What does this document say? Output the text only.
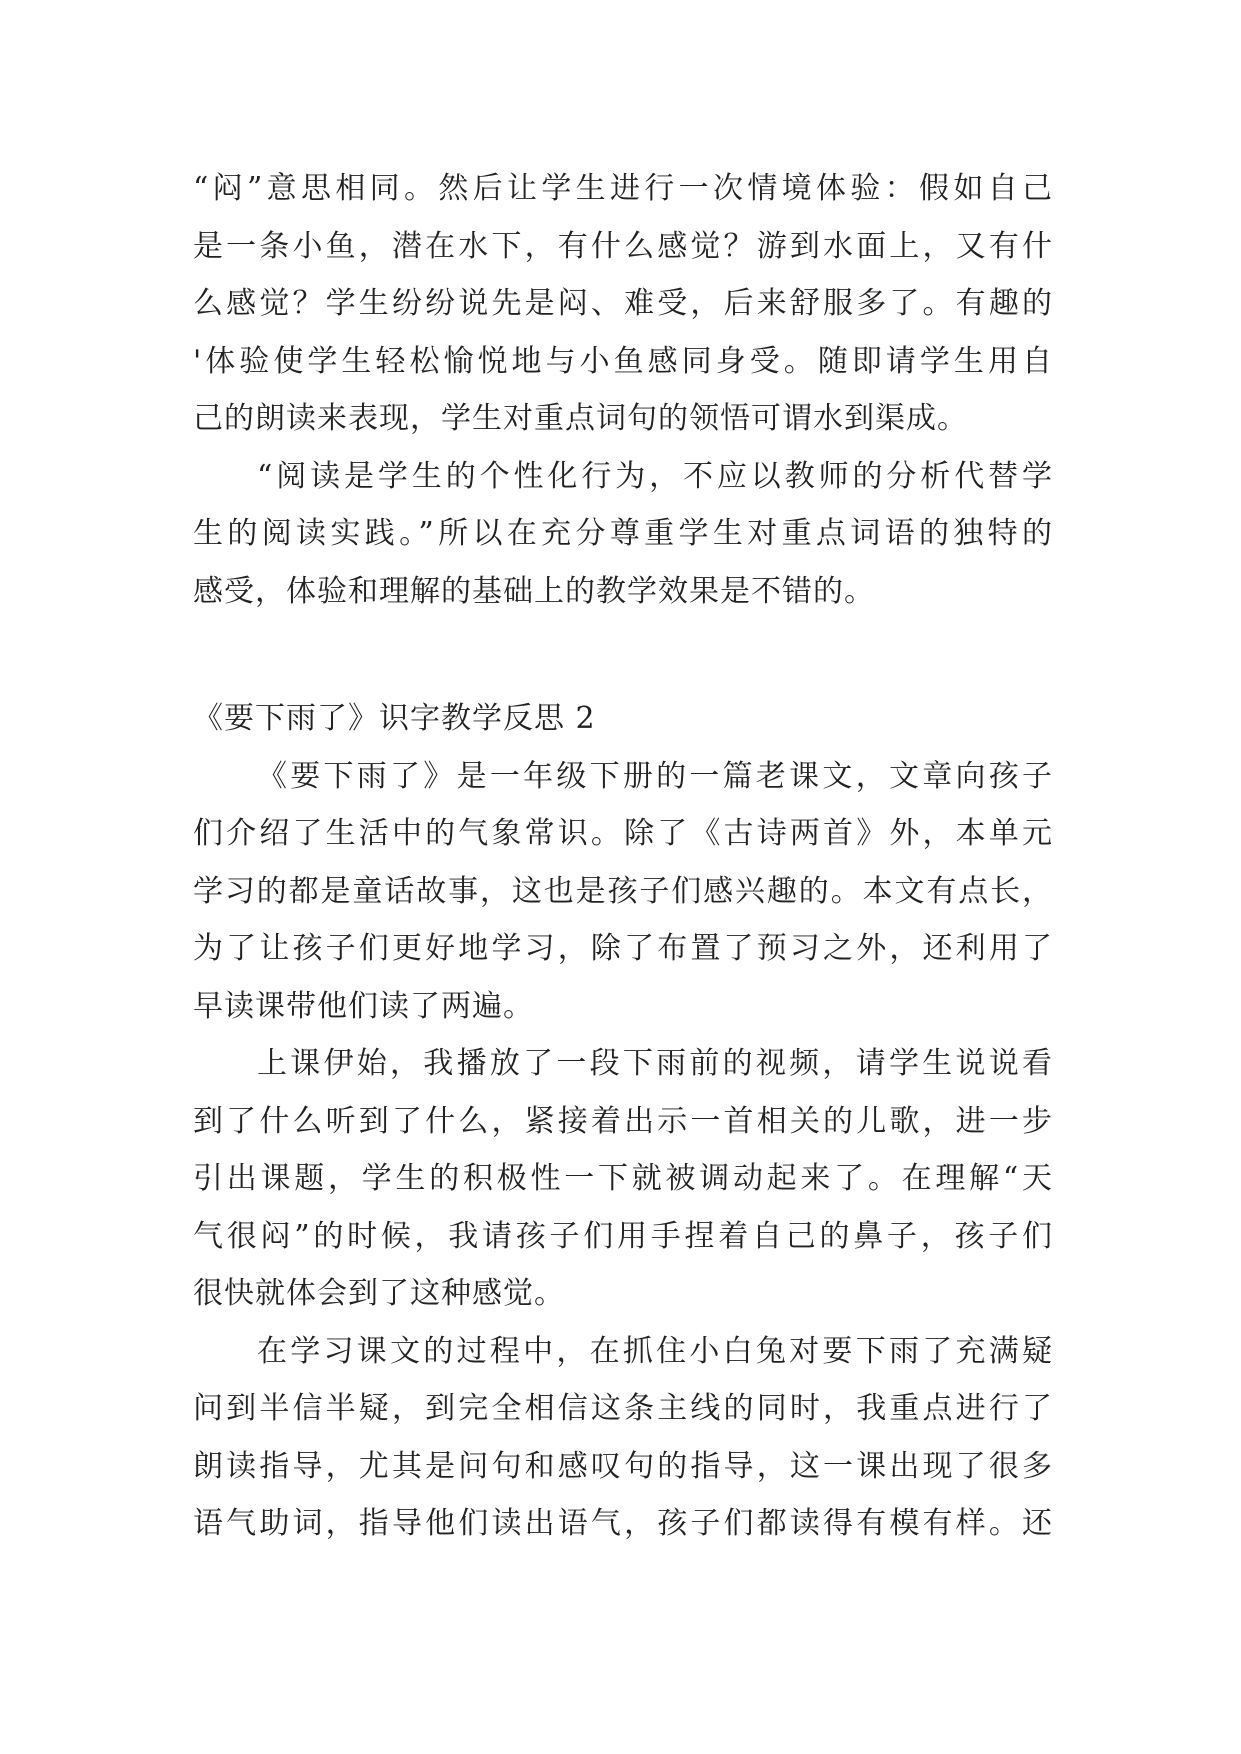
“闷”意思相同。然后让学生进行一次情境体验：假如自己
是一条小鱼，潜在水下，有什么感觉？游到水面上，又有什
么感觉？学生纷纷说先是闷、难受，后来舒服多了。有趣的
'体验使学生轻松愉悦地与小鱼感同身受。随即请学生用自
己的朗读来表现，学生对重点词句的领悟可谓水到渠成。
“阅读是学生的个性化行为，不应以教师的分析代替学
生的阅读实践。”所以在充分尊重学生对重点词语的独特的
感受，体验和理解的基础上的教学效果是不错的。
《要下雨了》识字教学反思 2
《要下雨了》是一年级下册的一篇老课文，文章向孩子
们介绍了生活中的气象常识。除了《古诗两首》外，本单元
学习的都是童话故事，这也是孩子们感兴趣的。本文有点长，
为了让孩子们更好地学习，除了布置了预习之外，还利用了
早读课带他们读了两遍。
上课伊始，我播放了一段下雨前的视频，请学生说说看
到了什么听到了什么，紧接着出示一首相关的儿歌，进一步
引出课题，学生的积极性一下就被调动起来了。在理解“天
气很闷”的时候，我请孩子们用手捏着自己的鼻子，孩子们
很快就体会到了这种感觉。
在学习课文的过程中，在抓住小白兔对要下雨了充满疑
问到半信半疑，到完全相信这条主线的同时，我重点进行了
朗读指导，尤其是问句和感叹句的指导，这一课出现了很多
语气助词，指导他们读出语气，孩子们都读得有模有样。还
